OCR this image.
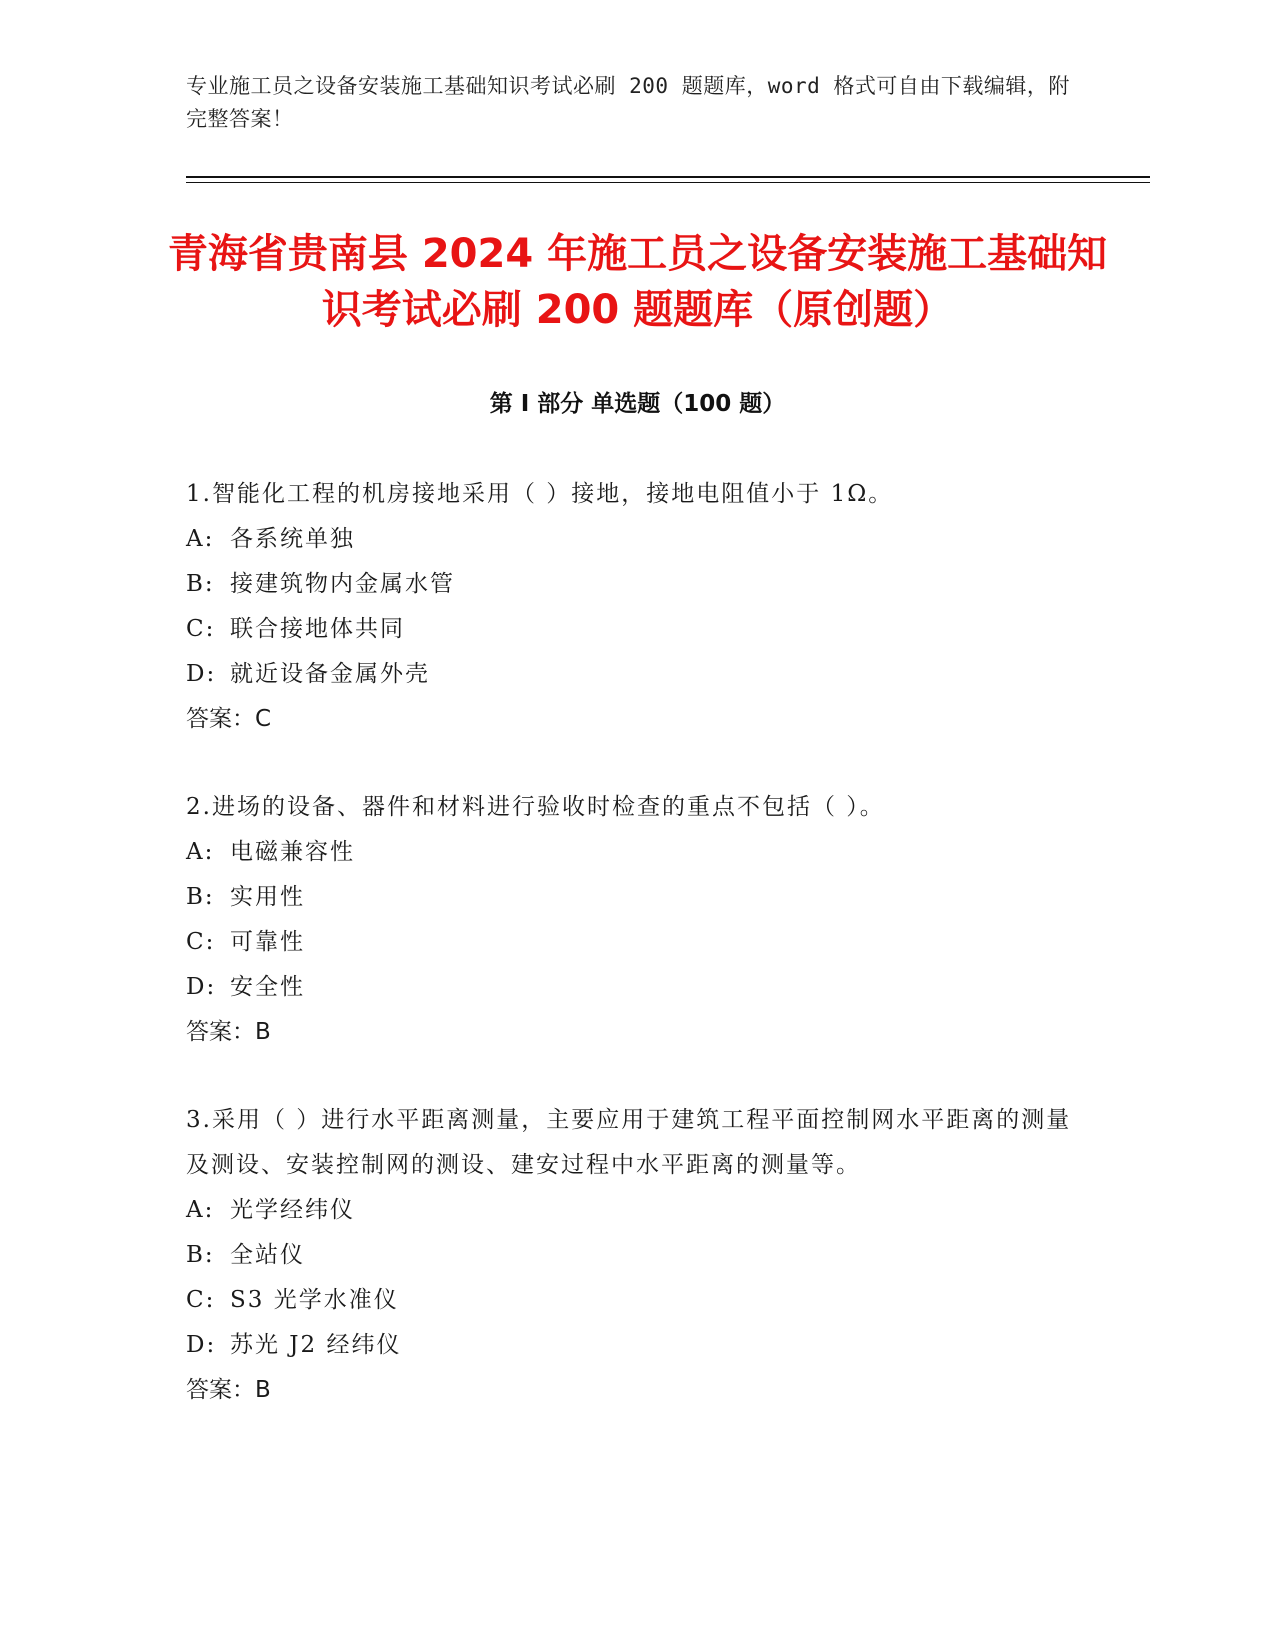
专业施工员之设备安装施工基础知识考试必刷 200 题题库，word 格式可自由下载编辑，附完整答案！
青海省贵南县 2024 年施工员之设备安装施工基础知识考试必刷 200 题题库（原创题）
第 I 部分 单选题（100 题）
1.智能化工程的机房接地采用（ ）接地，接地电阻值小于 1Ω。
A: 各系统单独
B: 接建筑物内金属水管
C: 联合接地体共同
D: 就近设备金属外壳
答案：C
2.进场的设备、器件和材料进行验收时检查的重点不包括（ ）。
A: 电磁兼容性
B: 实用性
C: 可靠性
D: 安全性
答案：B
3.采用（ ）进行水平距离测量，主要应用于建筑工程平面控制网水平距离的测量及测设、安装控制网的测设、建安过程中水平距离的测量等。
A: 光学经纬仪
B: 全站仪
C: S3 光学水准仪
D: 苏光 J2 经纬仪
答案：B
